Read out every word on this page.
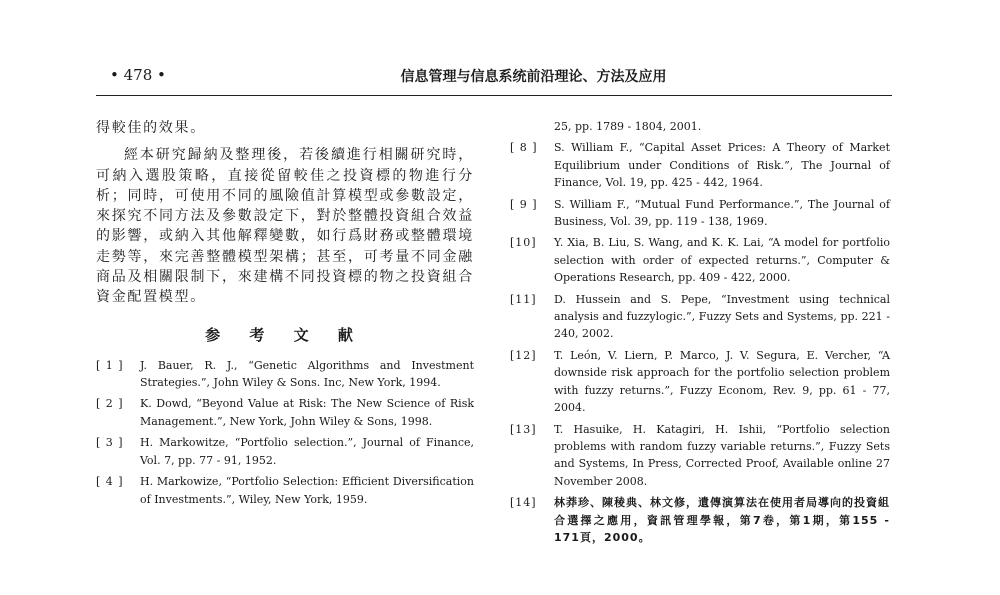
• 478 •	信息管理与信息系统前沿理论、方法及应用

得較佳的效果。

經本研究歸納及整理後，若後續進行相關研究時，可納入選股策略，直接從留較佳之投資標的物進行分析；同時，可使用不同的風險值計算模型或參數設定，來探究不同方法及參數設定下，對於整體投資組合效益的影響，或納入其他解釋變數，如行爲財務或整體環境走勢等，來完善整體模型架構；甚至，可考量不同金融商品及相關限制下，來建構不同投資標的物之投資組合資金配置模型。

参 考 文 献
[ 1 ]	J. Bauer, R. J., “Genetic Algorithms and Investment Strategies.”, John Wiley & Sons. Inc, New York, 1994.
[ 2 ]	K. Dowd, “Beyond Value at Risk: The New Science of Risk Management.”, New York, John Wiley & Sons, 1998.
[ 3 ]	H. Markowitze, “Portfolio selection.”, Journal of Finance, Vol. 7, pp. 77 - 91, 1952.
[ 4 ]	H. Markowize, “Portfolio Selection: Efficient Diversification of Investments.”, Wiley, New York, 1959.
25, pp. 1789 - 1804, 2001.
[ 8 ]	S. William F., “Capital Asset Prices: A Theory of Market Equilibrium under Conditions of Risk.”, The Journal of Finance, Vol. 19, pp. 425 - 442, 1964.
[ 9 ]	S. William F., “Mutual Fund Performance.”, The Journal of Business, Vol. 39, pp. 119 - 138, 1969.
[10]	Y. Xia, B. Liu, S. Wang, and K. K. Lai, “A model for portfolio selection with order of expected returns.”, Computer & Operations Research, pp. 409 - 422, 2000.
[11]	D. Hussein and S. Pepe, “Investment using technical analysis and fuzzylogic.”, Fuzzy Sets and Systems, pp. 221 - 240, 2002.
[12]	T. León, V. Liern, P. Marco, J. V. Segura, E. Vercher, “A downside risk approach for the portfolio selection problem with fuzzy returns.”, Fuzzy Econom, Rev. 9, pp. 61 - 77, 2004.
[13]	T. Hasuike, H. Katagiri, H. Ishii, “Portfolio selection problems with random fuzzy variable returns.”, Fuzzy Sets and Systems, In Press, Corrected Proof, Available online 27 November 2008.
[14]	林莽珍、陳稜典、林文修，遺傳演算法在使用者局導向的投資組合選擇之應用，資訊管理學報，第7卷，第1期，第155 - 171頁，2000。
